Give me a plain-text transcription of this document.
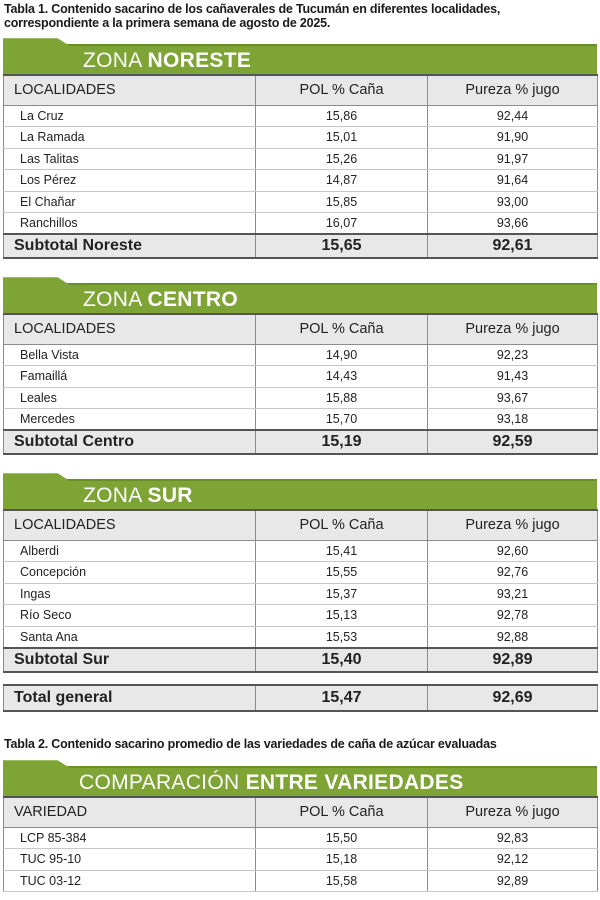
Tabla 1. Contenido sacarino de los cañaverales de Tucumán en diferentes localidades,
correspondiente a la primera semana de agosto de 2025.
ZONA NORESTE
LOCALIDADES	POL % Caña	Pureza % jugo
La Cruz	15,86	92,44
La Ramada	15,01	91,90
Las Talitas	15,26	91,97
Los Pérez	14,87	91,64
El Chañar	15,85	93,00
Ranchillos	16,07	93,66
Subtotal Noreste	15,65	92,61
ZONA CENTRO
LOCALIDADES	POL % Caña	Pureza % jugo
Bella Vista	14,90	92,23
Famaillá	14,43	91,43
Leales	15,88	93,67
Mercedes	15,70	93,18
Subtotal Centro	15,19	92,59
ZONA SUR
LOCALIDADES	POL % Caña	Pureza % jugo
Alberdi	15,41	92,60
Concepción	15,55	92,76
Ingas	15,37	93,21
Río Seco	15,13	92,78
Santa Ana	15,53	92,88
Subtotal Sur	15,40	92,89
Total general	15,47	92,69
Tabla 2. Contenido sacarino promedio de las variedades de caña de azúcar evaluadas
COMPARACIÓN ENTRE VARIEDADES
VARIEDAD	POL % Caña	Pureza % jugo
LCP 85-384	15,50	92,83
TUC 95-10	15,18	92,12
TUC 03-12	15,58	92,89
